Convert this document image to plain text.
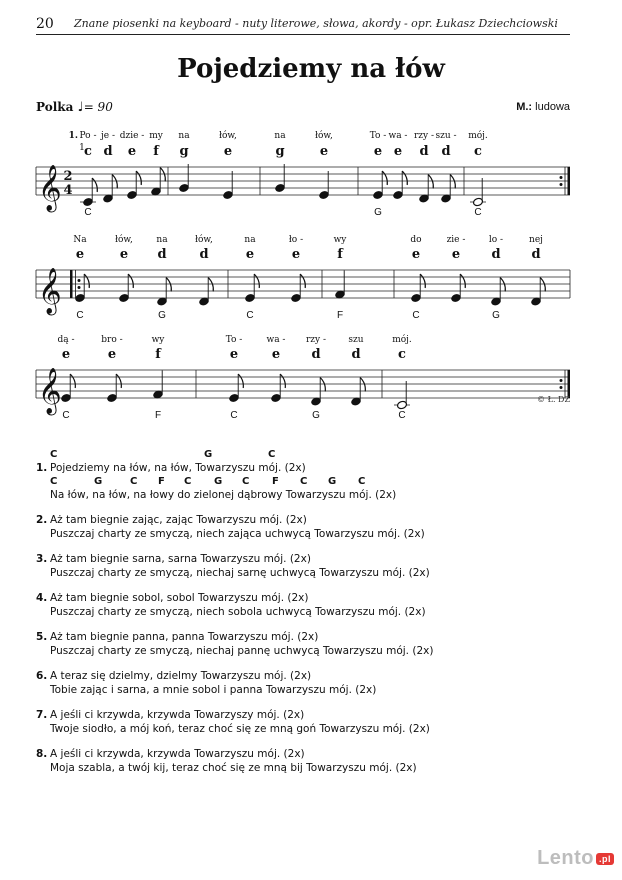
20 Znane piosenki na keyboard - nuty literowe, słowa, akordy - opr. Łukasz Dziechciowski
Pojedziemy na łów
Polka ♩= 90	M.: ludowa
𝄞 2
4
1.
1 c
Po -
d
je -
e
dzie -
f
my
g
na
e
łów,
g
na
e
łów,
e
To -
e
wa -
d
rzy -
d
szu -
c
mój.
C	G	C
𝄞
e
Na
e
łów,
d
na
d
łów,
e
na
e
ło -
f
wy
e
do
e
zie -
d
lo -
d
nej
C	G	C	F	C	G
𝄞
e
dą -
e
bro -
f
wy
e
To -
e
wa -
d
rzy -
d
szu
c
mój.
C	F	C	G	C
© Ł. DZ
C	G	C
1. Pojedziemy na łów, na łów, Towarzyszu mój. (2x)
C	G	C F C G C F C G C
Na łów, na łów, na łowy do zielonej dąbrowy Towarzyszu mój. (2x)
2. Aż tam biegnie zając, zając Towarzyszu mój. (2x)
Puszczaj charty ze smyczą, niech zająca uchwycą Towarzyszu mój. (2x)
3. Aż tam biegnie sarna, sarna Towarzyszu mój. (2x)
Puszczaj charty ze smyczą, niechaj sarnę uchwycą Towarzyszu mój. (2x)
4. Aż tam biegnie sobol, sobol Towarzyszu mój. (2x)
Puszczaj charty ze smyczą, niech sobola uchwycą Towarzyszu mój. (2x)
5. Aż tam biegnie panna, panna Towarzyszu mój. (2x)
Puszczaj charty ze smyczą, niechaj pannę uchwycą Towarzyszu mój. (2x)
6. A teraz się dzielmy, dzielmy Towarzyszu mój. (2x)
Tobie zając i sarna, a mnie sobol i panna Towarzyszu mój. (2x)
7. A jeśli ci krzywda, krzywda Towarzyszy mój. (2x)
Twoje siodło, a mój koń, teraz choć się ze mną goń Towarzyszu mój. (2x)
8. A jeśli ci krzywda, krzywda Towarzyszu mój. (2x)
Moja szabla, a twój kij, teraz choć się ze mną bij Towarzyszu mój. (2x)
Lento .pl
